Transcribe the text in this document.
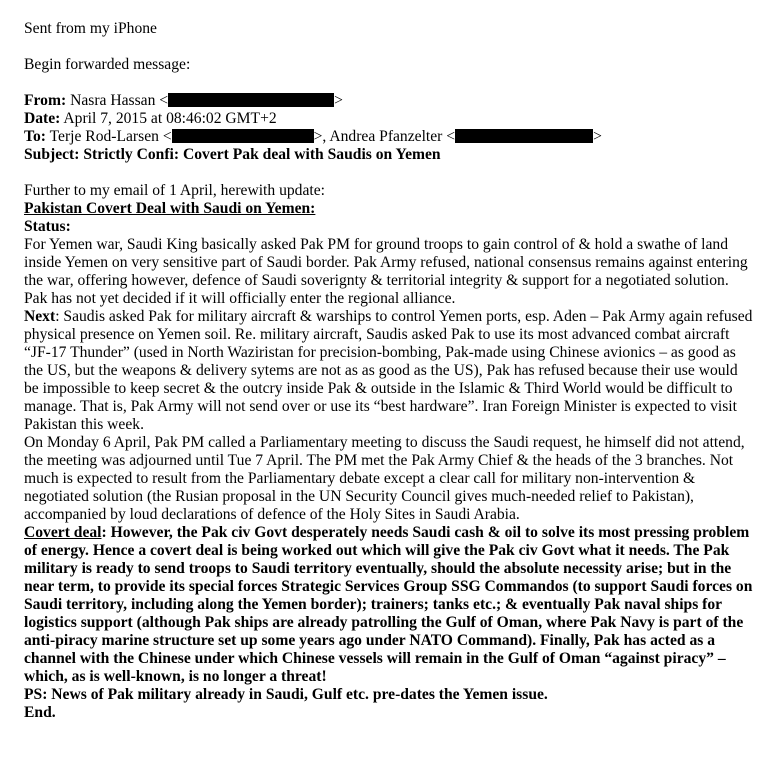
Sent from my iPhone
Begin forwarded message:
From: Nasra Hassan <	>
Date: April 7, 2015 at 08:46:02 GMT+2
To: Terje Rod-Larsen <	>, Andrea Pfanzelter <	>
Subject: Strictly Confi: Covert Pak deal with Saudis on Yemen
Further to my email of 1 April, herewith update:
Pakistan Covert Deal with Saudi on Yemen:
Status:
For Yemen war, Saudi King basically asked Pak PM for ground troops to gain control of & hold a swathe of land inside Yemen on very sensitive part of Saudi border. Pak Army refused, national consensus remains against entering the war, offering however, defence of Saudi soverignty & territorial integrity & support for a negotiated solution. Pak has not yet decided if it will officially enter the regional alliance.
Next: Saudis asked Pak for military aircraft & warships to control Yemen ports, esp. Aden – Pak Army again refused physical presence on Yemen soil. Re. military aircraft, Saudis asked Pak to use its most advanced combat aircraft “JF-17 Thunder” (used in North Waziristan for precision-bombing, Pak-made using Chinese avionics – as good as the US, but the weapons & delivery sytems are not as as good as the US), Pak has refused because their use would be impossible to keep secret & the outcry inside Pak & outside in the Islamic & Third World would be difficult to manage. That is, Pak Army will not send over or use its “best hardware”. Iran Foreign Minister is expected to visit Pakistan this week.
On Monday 6 April, Pak PM called a Parliamentary meeting to discuss the Saudi request, he himself did not attend, the meeting was adjourned until Tue 7 April. The PM met the Pak Army Chief & the heads of the 3 branches. Not much is expected to result from the Parliamentary debate except a clear call for military non-intervention & negotiated solution (the Rusian proposal in the UN Security Council gives much-needed relief to Pakistan), accompanied by loud declarations of defence of the Holy Sites in Saudi Arabia.
Covert deal: However, the Pak civ Govt desperately needs Saudi cash & oil to solve its most pressing problem of energy. Hence a covert deal is being worked out which will give the Pak civ Govt what it needs. The Pak military is ready to send troops to Saudi territory eventually, should the absolute necessity arise; but in the near term, to provide its special forces Strategic Services Group SSG Commandos (to support Saudi forces on Saudi territory, including along the Yemen border); trainers; tanks etc.; & eventually Pak naval ships for logistics support (although Pak ships are already patrolling the Gulf of Oman, where Pak Navy is part of the anti-piracy marine structure set up some years ago under NATO Command). Finally, Pak has acted as a channel with the Chinese under which Chinese vessels will remain in the Gulf of Oman “against piracy” – which, as is well-known, is no longer a threat!
PS: News of Pak military already in Saudi, Gulf etc. pre-dates the Yemen issue.
End.
